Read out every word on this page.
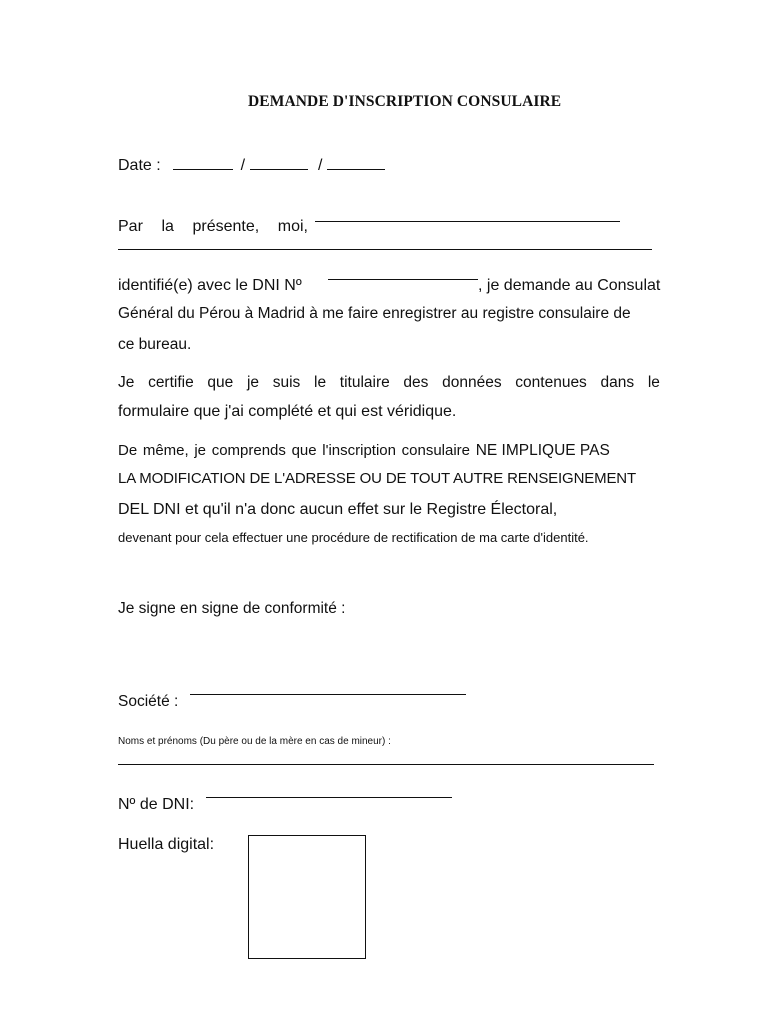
DEMANDE D'INSCRIPTION CONSULAIRE
Date :	/	/
Par la présente, moi,
identifié(e) avec le DNI Nº	, je demande au Consulat
Général du Pérou à Madrid à me faire enregistrer au registre consulaire de
ce bureau.
Je certifie que je suis le titulaire des données contenues dans le
formulaire que j'ai complété et qui est véridique.
De même, je comprends que l'inscription consulaire NE IMPLIQUE PAS
LA MODIFICATION DE L'ADRESSE OU DE TOUT AUTRE RENSEIGNEMENT
DEL DNI et qu'il n'a donc aucun effet sur le Registre Électoral,
devenant pour cela effectuer une procédure de rectification de ma carte d'identité.
Je signe en signe de conformité :
Société :
Noms et prénoms (Du père ou de la mère en cas de mineur) :
Nº de DNI:
Huella digital:
